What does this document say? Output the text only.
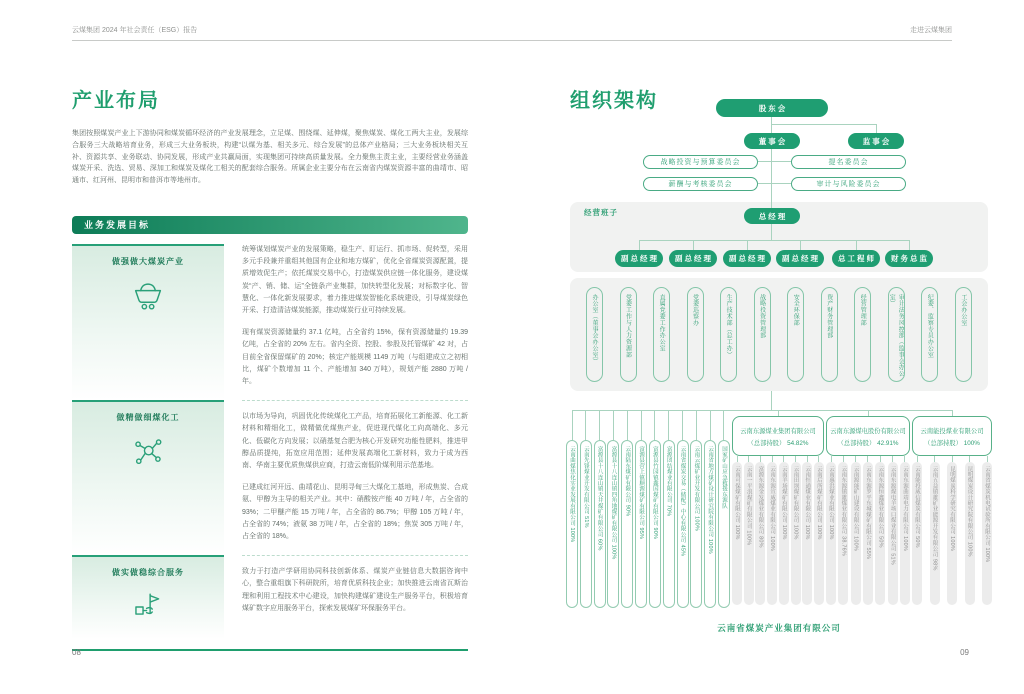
云煤集团 2024 年社会责任（ESG）报告	走进云煤集团
产业布局
集团按照煤炭产业上下游协同和煤炭循环经济的产业发展理念，立足煤、围绕煤、延伸煤，聚焦煤炭、煤化工两大主业，发展综合服务三大战略培育业务，形成三大业务板块，构建“以煤为基、相关多元、综合发展”的总体产业格局；三大业务板块相关互补、资源共享、业务联动、协同发展，形成产业共赢局面，实现集团可持续高质量发展。全力聚焦主责主业，主要经营业务涵盖煤炭开采、洗选、贸易、深加工和煤炭及煤化工相关的配套综合服务。所属企业主要分布在云南省内煤炭资源丰富的曲靖市、昭通市、红河州、昆明市和普洱市等地州市。
业务发展目标
做强做大煤炭产业

统筹谋划煤炭产业的发展策略，稳生产、盯运行、抓市场、促转型，采用多元手段兼并重组其他国有企业和地方煤矿，优化全省煤炭资源配置，提质增效促生产；依托煤炭交易中心，打造煤炭供应链一体化服务，建设煤炭“产、销、储、运”全链条产业集群，加快转型化发展；对标数字化、智慧化、一体化新发展要求，着力推进煤炭智能化系统建设，引导煤炭绿色开采、打造清洁煤炭能源，推动煤炭行业可持续发展。

现有煤炭资源储量约 37.1 亿吨，占全省约 15%，保有资源储量约 19.39 亿吨，占全省的 20% 左右。省内全资、控股、参股及托管煤矿 42 对，占目前全省保留煤矿的 20%；核定产能规模 1149 万吨（与组建成立之初相比，煤矿个数增加 11 个、产能增加 340 万吨），规划产能 2880 万吨 / 年。

做精做细煤化工	以市场为导向，巩固优化传统煤化工产品，培育拓展化工新能源、化工新材料和精细化工，做精做优煤焦产业，促进现代煤化工向高端化、多元化、低碳化方向发展；以硝基复合肥为核心开发研究功能性肥料，推进甲醇品质提纯，拓宽应用范围；延伸发展高端化工新材料，致力于成为西南、华南主要优质焦煤供应商，打造云南低阶煤利用示范基地。

已建成红河开远、曲靖花山、昆明寻甸三大煤化工基地，形成焦炭、合成氨、甲醇为主导的相关产业。其中：硝酸铵产能 40 万吨 / 年，占全省的 93%；二甲醚产能 15 万吨 / 年，占全省的 86.7%；甲醇 105 万吨 / 年，占全省的 74%；液氨 38 万吨 / 年，占全省的 18%；焦炭 305 万吨 / 年，占全省的 18%。

做实做稳综合服务	致力于打造产学研用协同科技创新体系、煤炭产业链信息大数据咨询中心，整合重组旗下科研院所，培育优质科技企业；加快推进云南省瓦斯治理和利用工程技术中心建设，加快构建煤矿建设生产服务平台，积极培育煤矿数字应用服务平台，探索发展煤矿环保服务平台。

08
组织架构
办公室（董事会办公室）	党委工作与人力资源部	直属党委工作办公室	党委巡察办	生产技术部（总工办）	战略投资管理部	安全环保部	资产财务管理部	经营管理部	审计法务风控部（监事会办公室）	纪委、监察专员办公室	工会办公室
经营班子
股东会
董事会	监事会
战略投资与预算委员会	提名委员会
薪酬与考核委员会	审计与风险委员会
总经理
副总经理	副总经理	副总经理	副总经理	总工程师	财务总监
云南曲煤焦化实业发展有限公司 100% 云南先锋煤业开发有限公司 51% 富源县十八连山镇天井煤矿有限公司 60% 富源县十八连山镇四角地煤矿有限公司 100% 云南陆东煤矿有限公司 90% 富源县营上镇顺源煤矿有限公司 95% 富源县竹园镇鑫国煤矿有限公司 90% 富源团结煤业有限公司 70% 云南省煤炭交易（储配）中心有限公司 45% 云南云煤矿业开发有限公司 100% 云南省地方煤矿设计研究院有限公司 100% 国家矿山应急救援东源队
云南东源煤业集团有限公司
（总部持股） 54.82%
云南可保煤矿有限公司 100% 云南一平浪煤矿有限公司 100% 富源东源金发煤业有限公司 80% 云南东源宣威煤业有限公司 100% 云南羊场煤矿有限公司 100% 云南田坝煤矿有限公司 100% 云南恒通煤业有限公司 100% 云南后所煤矿有限公司 100%
云南东源煤电股份有限公司
（总部持股） 42.91%
云南惠洪煤业有限公司 100% 云南东源镇雄煤业有限公司 38.76% 云南源能矿山建设有限公司 100% 云南东源罗平东城煤矿有限公司 55% 云南东源恒鑫煤业有限公司 50% 云南东源煤电羊场口煤业有限公司 51% 云南东源曲靖电力有限公司 100%
云南能投煤业有限公司
（总部持股） 100%
云南能投威信煤炭有限公司 50% 云南五益镇雄矿业能源开发有限公司 98% 昆明煤炭科学研究有限公司 100% 昆明煤炭设计研究院有限公司 100% 云南省煤炭机电试验所有限公司 100%
云南省煤炭产业集团有限公司
09
